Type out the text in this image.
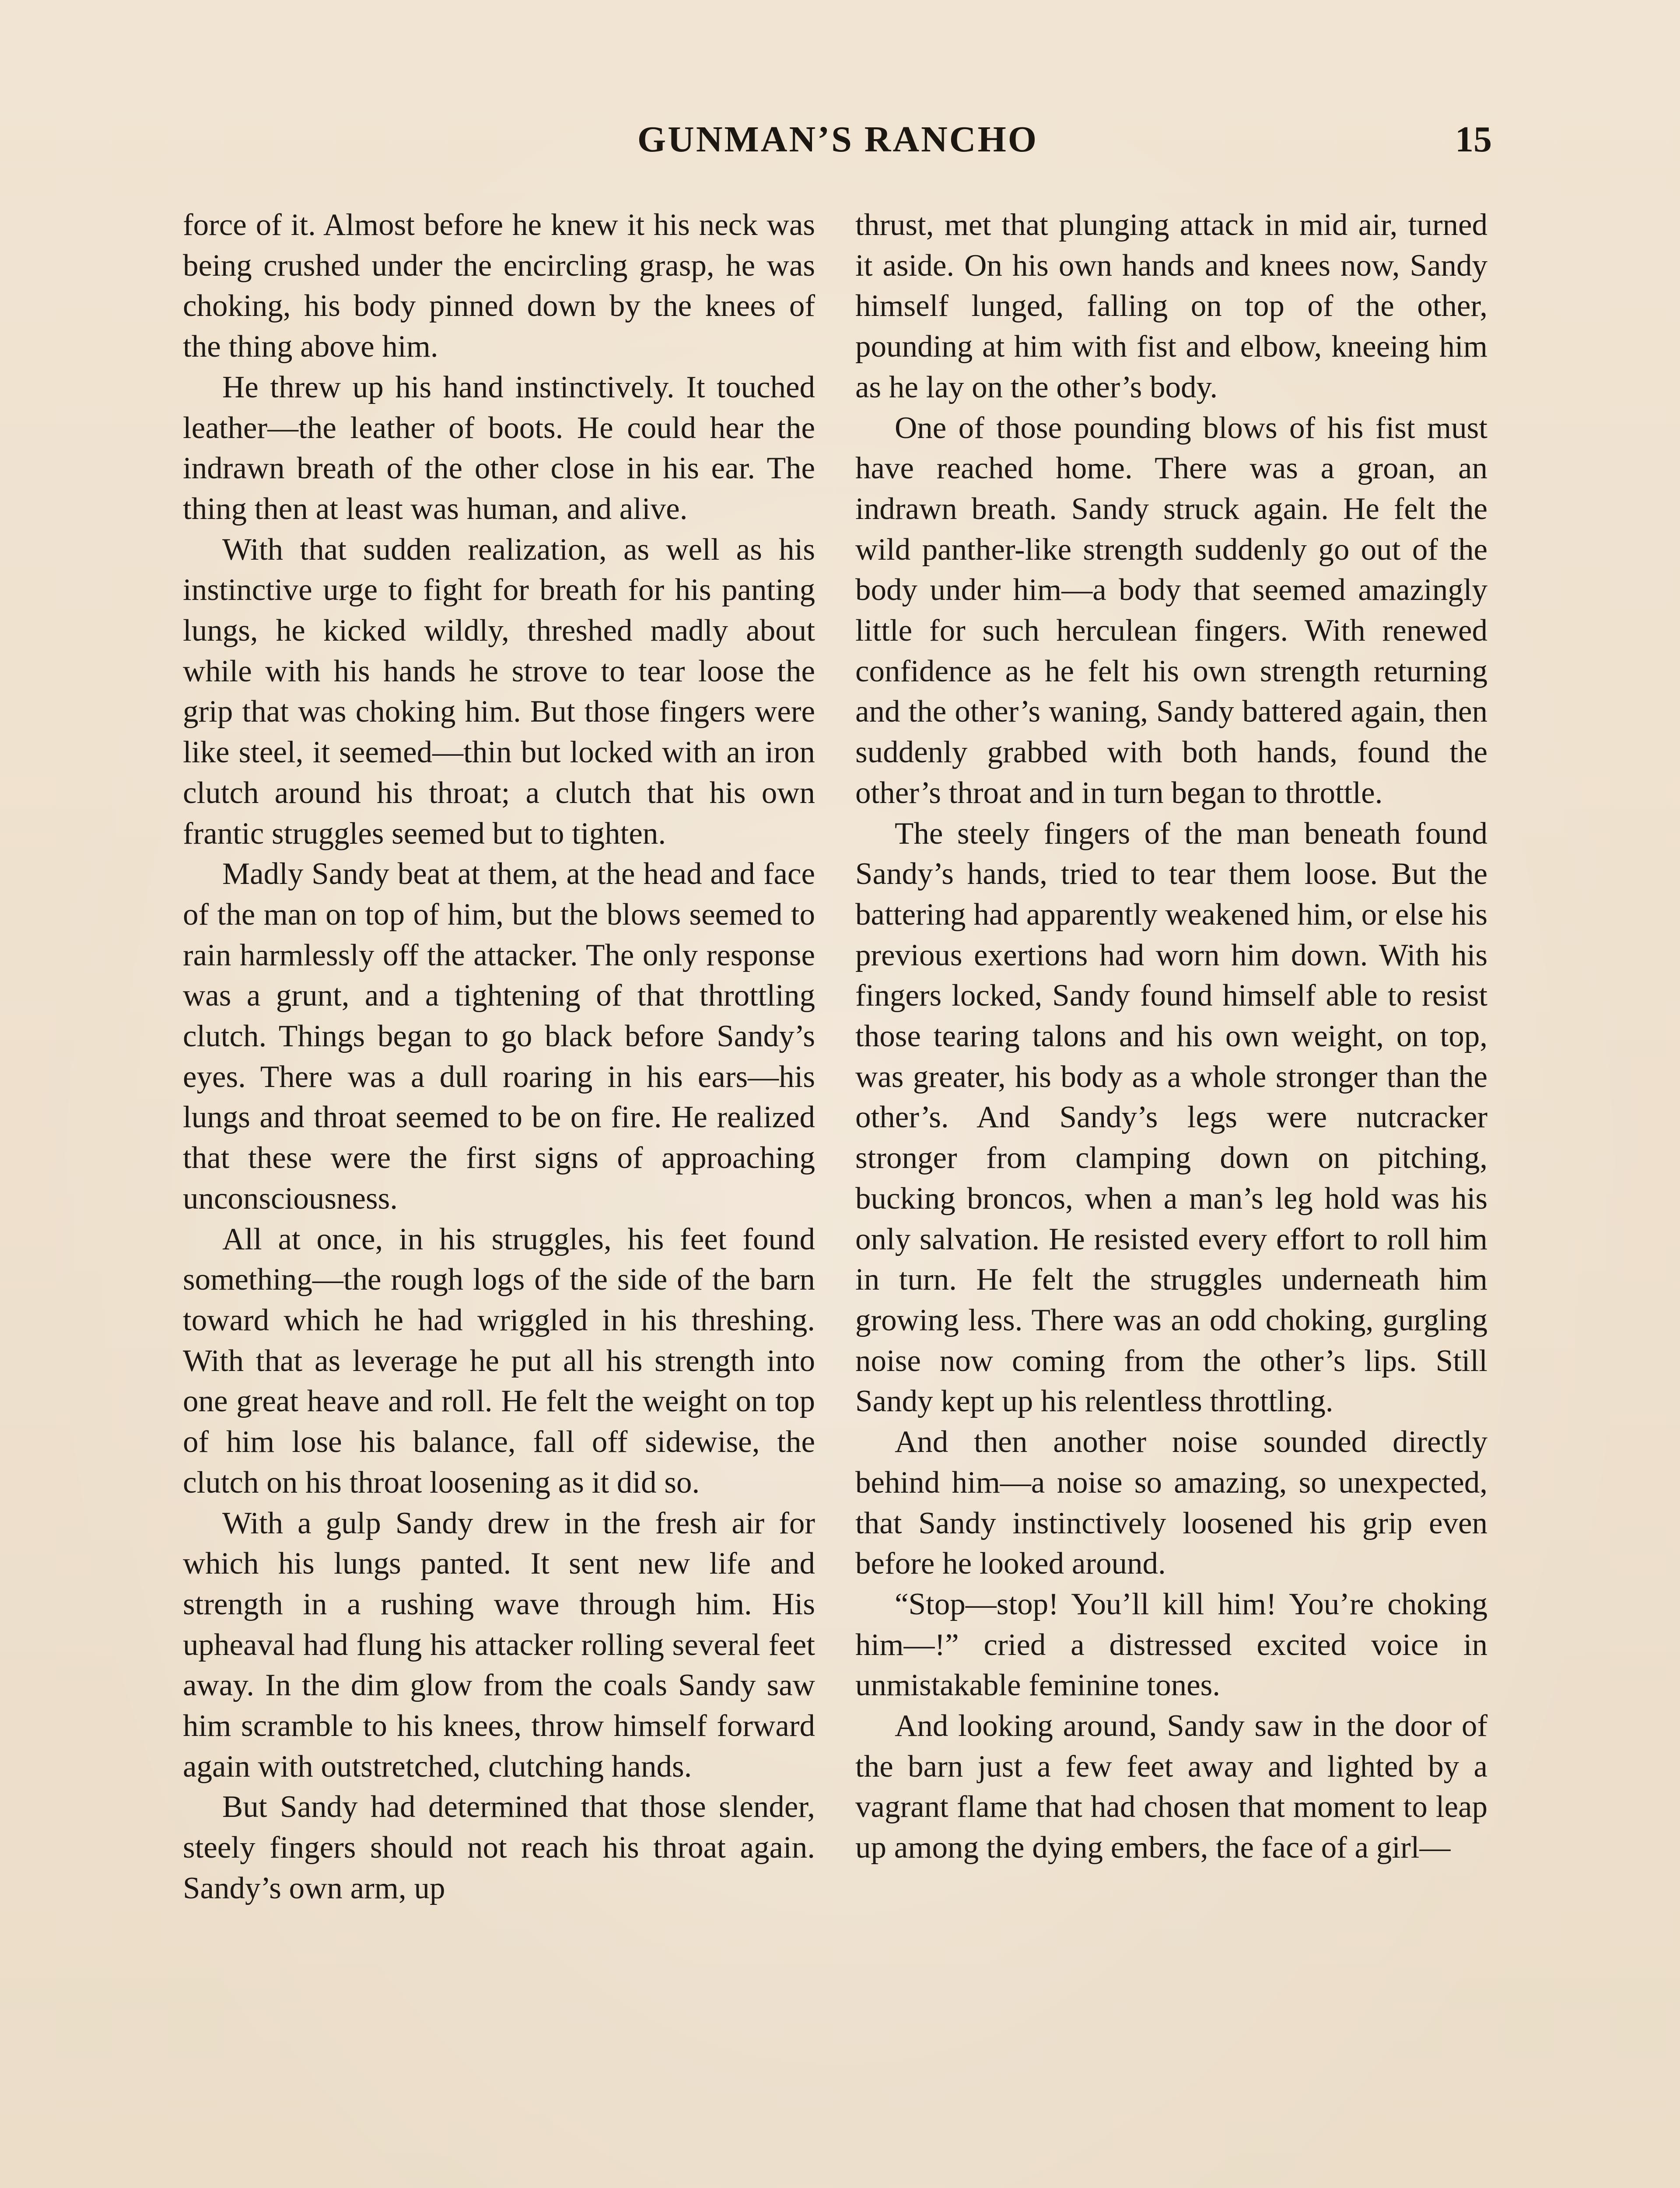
GUNMAN’S RANCHO	15

force of it. Almost before he knew it his neck was being crushed under the encircling grasp, he was choking, his body pinned down by the knees of the thing above him.

He threw up his hand instinctively. It touched leather—the leather of boots. He could hear the indrawn breath of the other close in his ear. The thing then at least was human, and alive.

With that sudden realization, as well as his instinctive urge to fight for breath for his panting lungs, he kicked wildly, threshed madly about while with his hands he strove to tear loose the grip that was choking him. But those fingers were like steel, it seemed—thin but locked with an iron clutch around his throat; a clutch that his own frantic struggles seemed but to tighten.

Madly Sandy beat at them, at the head and face of the man on top of him, but the blows seemed to rain harmlessly off the attacker. The only response was a grunt, and a tightening of that throttling clutch. Things began to go black before Sandy’s eyes. There was a dull roaring in his ears—his lungs and throat seemed to be on fire. He realized that these were the first signs of approaching unconsciousness.

All at once, in his struggles, his feet found something—the rough logs of the side of the barn toward which he had wriggled in his threshing. With that as leverage he put all his strength into one great heave and roll. He felt the weight on top of him lose his balance, fall off sidewise, the clutch on his throat loosening as it did so.

With a gulp Sandy drew in the fresh air for which his lungs panted. It sent new life and strength in a rushing wave through him. His upheaval had flung his attacker rolling several feet away. In the dim glow from the coals Sandy saw him scramble to his knees, throw himself forward again with outstretched, clutching hands.

But Sandy had determined that those slender, steely fingers should not reach his throat again. Sandy’s own arm, up

thrust, met that plunging attack in mid air, turned it aside. On his own hands and knees now, Sandy himself lunged, falling on top of the other, pounding at him with fist and elbow, kneeing him as he lay on the other’s body.

One of those pounding blows of his fist must have reached home. There was a groan, an indrawn breath. Sandy struck again. He felt the wild panther-like strength suddenly go out of the body under him—a body that seemed amazingly little for such herculean fingers. With renewed confidence as he felt his own strength returning and the other’s waning, Sandy battered again, then suddenly grabbed with both hands, found the other’s throat and in turn began to throttle.

The steely fingers of the man beneath found Sandy’s hands, tried to tear them loose. But the battering had apparently weakened him, or else his previous exertions had worn him down. With his fingers locked, Sandy found himself able to resist those tearing talons and his own weight, on top, was greater, his body as a whole stronger than the other’s. And Sandy’s legs were nutcracker stronger from clamping down on pitching, bucking broncos, when a man’s leg hold was his only salvation. He resisted every effort to roll him in turn. He felt the struggles underneath him growing less. There was an odd choking, gurgling noise now coming from the other’s lips. Still Sandy kept up his relentless throttling.

And then another noise sounded directly behind him—a noise so amazing, so unexpected, that Sandy instinctively loosened his grip even before he looked around.

“Stop—stop! You’ll kill him! You’re choking him—!” cried a distressed excited voice in unmistakable feminine tones.

And looking around, Sandy saw in the door of the barn just a few feet away and lighted by a vagrant flame that had chosen that moment to leap up among the dying embers, the face of a girl—
